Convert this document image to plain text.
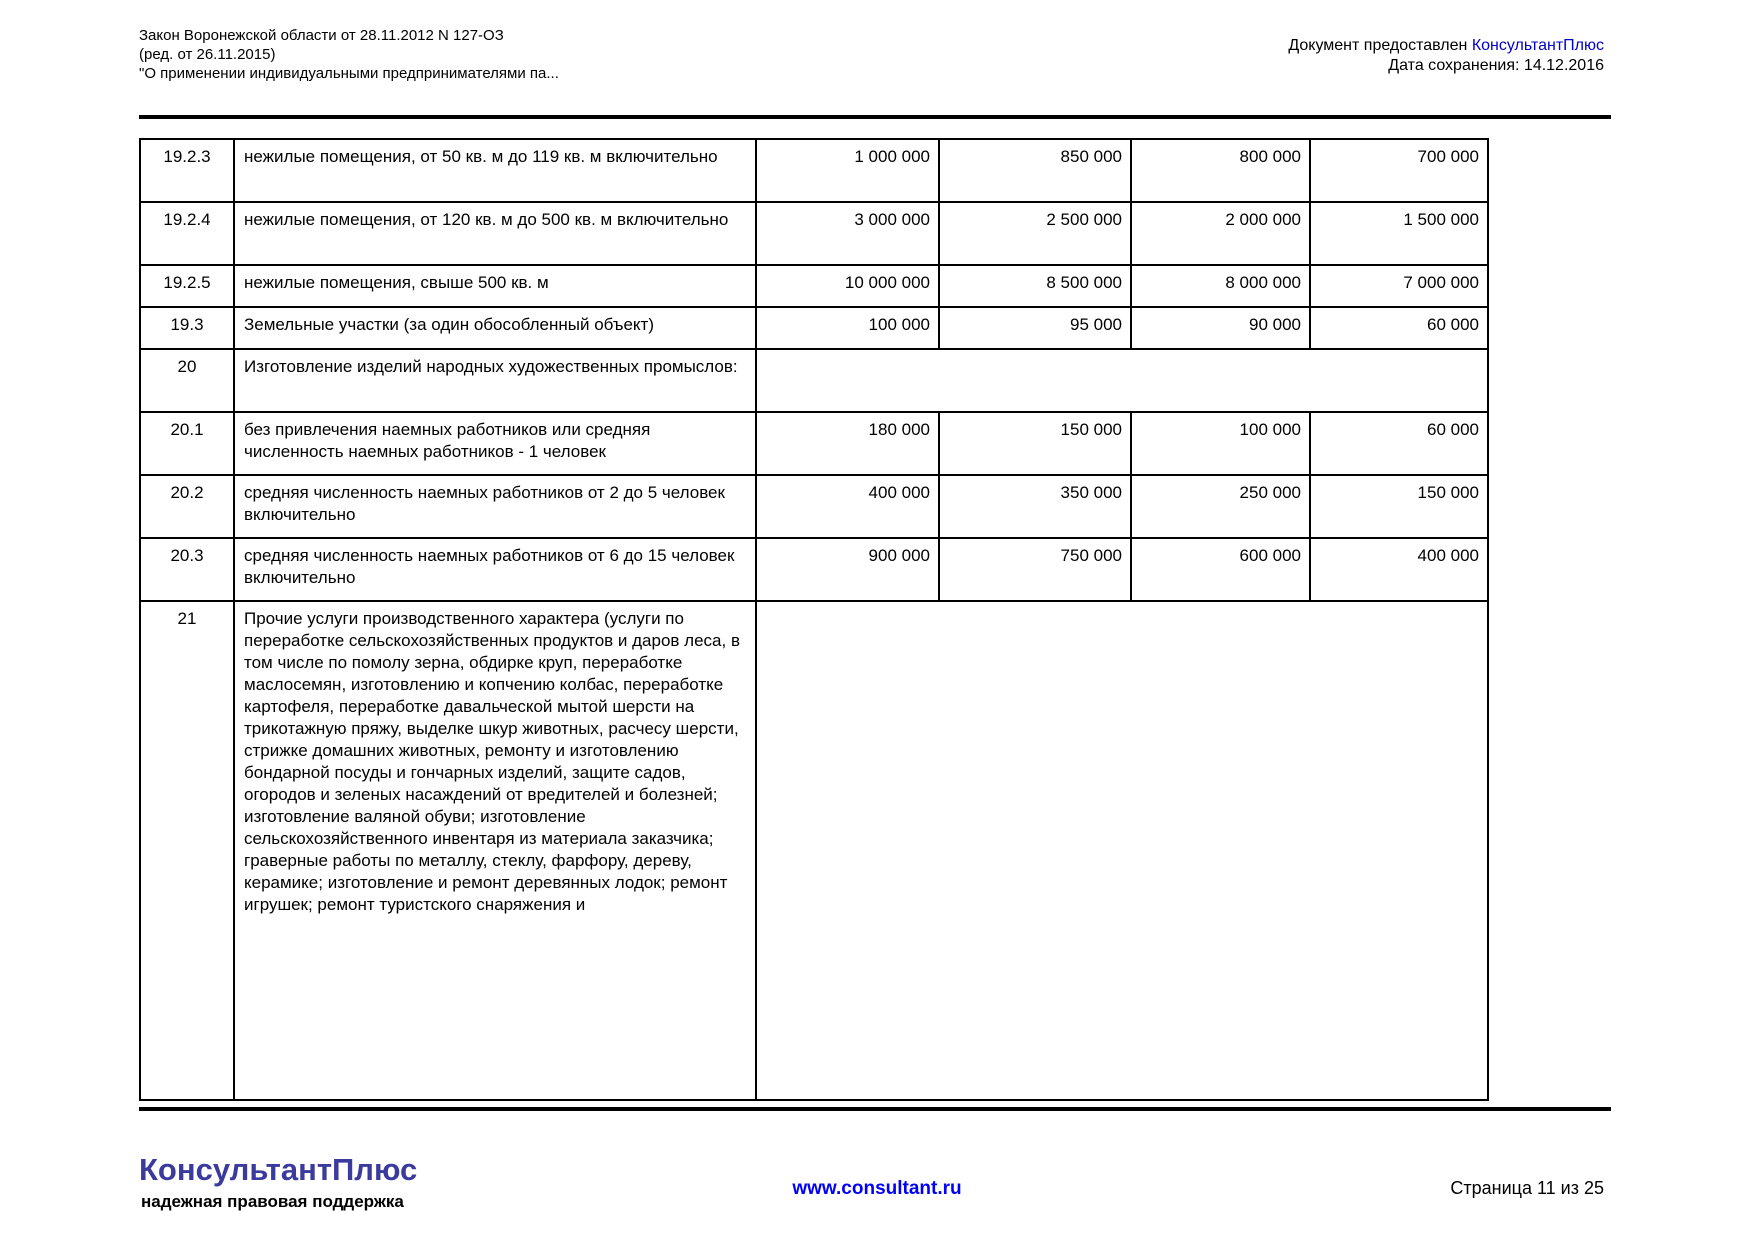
Закон Воронежской области от 28.11.2012 N 127-ОЗ
(ред. от 26.11.2015)
"О применении индивидуальными предпринимателями па...
Документ предоставлен КонсультантПлюс
Дата сохранения: 14.12.2016
19.2.3	нежилые помещения, от 50 кв. м до 119 кв. м включительно	1 000 000	850 000	800 000	700 000
19.2.4	нежилые помещения, от 120 кв. м до 500 кв. м включительно	3 000 000	2 500 000	2 000 000	1 500 000
19.2.5	нежилые помещения, свыше 500 кв. м	10 000 000	8 500 000	8 000 000	7 000 000
19.3	Земельные участки (за один обособленный объект)	100 000	95 000	90 000	60 000
20	Изготовление изделий народных художественных промыслов:				
20.1	без привлечения наемных работников или средняя численность наемных работников - 1 человек	180 000	150 000	100 000	60 000
20.2	средняя численность наемных работников от 2 до 5 человек включительно	400 000	350 000	250 000	150 000
20.3	средняя численность наемных работников от 6 до 15 человек включительно	900 000	750 000	600 000	400 000
21	Прочие услуги производственного характера (услуги по переработке сельскохозяйственных продуктов и даров леса, в том числе по помолу зерна, обдирке круп, переработке маслосемян, изготовлению и копчению колбас, переработке картофеля, переработке давальческой мытой шерсти на трикотажную пряжу, выделке шкур животных, расчесу шерсти, стрижке домашних животных, ремонту и изготовлению бондарной посуды и гончарных изделий, защите садов, огородов и зеленых насаждений от вредителей и болезней; изготовление валяной обуви; изготовление сельскохозяйственного инвентаря из материала заказчика; граверные работы по металлу, стеклу, фарфору, дереву, керамике; изготовление и ремонт деревянных лодок; ремонт игрушек; ремонт туристского снаряжения и				
КонсультантПлюс
надежная правовая поддержка
www.consultant.ru	Страница 11 из 25
